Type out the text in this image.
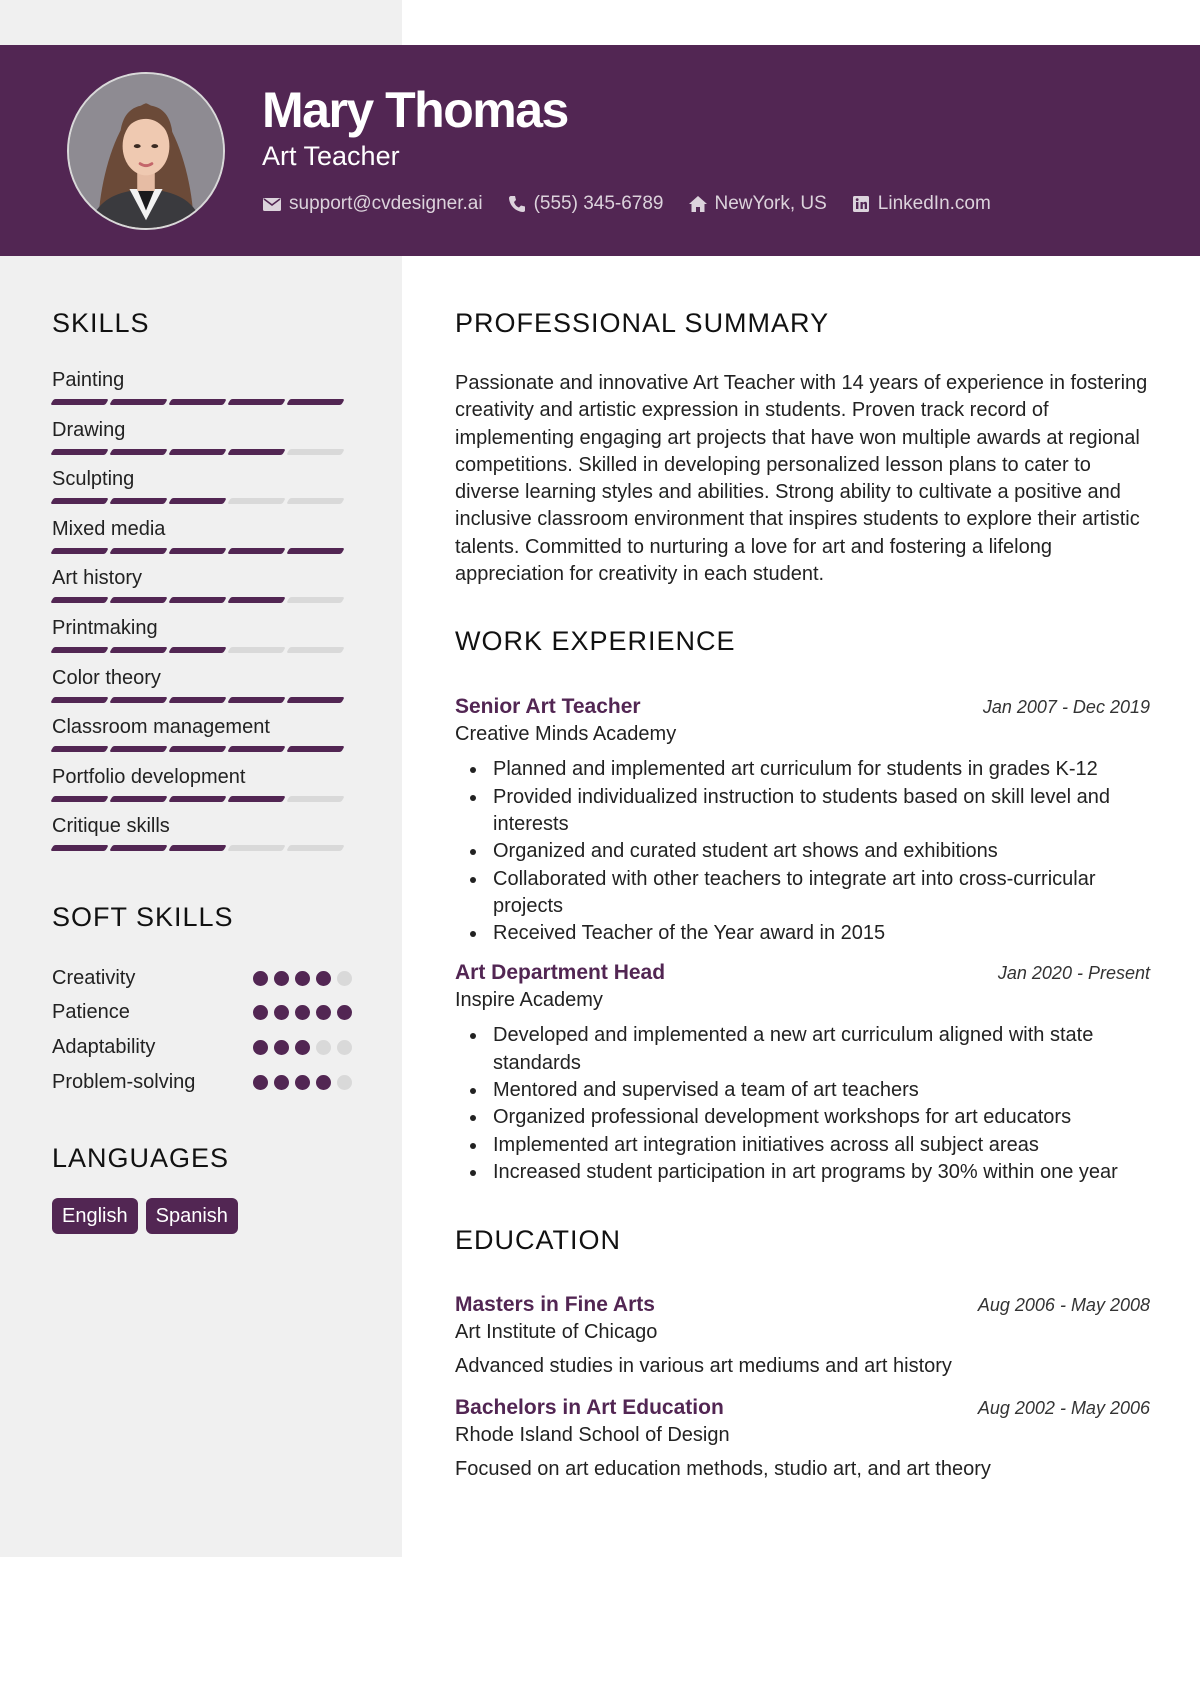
Mary Thomas
Art Teacher
support@cvdesigner.ai	(555) 345-6789	NewYork, US	LinkedIn.com
SKILLS
Painting
Drawing
Sculpting
Mixed media
Art history
Printmaking
Color theory
Classroom management
Portfolio development
Critique skills
SOFT SKILLS
Creativity
Patience
Adaptability
Problem-solving
LANGUAGES
English	Spanish
PROFESSIONAL SUMMARY
Passionate and innovative Art Teacher with 14 years of experience in fostering creativity and artistic expression in students. Proven track record of implementing engaging art projects that have won multiple awards at regional competitions. Skilled in developing personalized lesson plans to cater to diverse learning styles and abilities. Strong ability to cultivate a positive and inclusive classroom environment that inspires students to explore their artistic talents. Committed to nurturing a love for art and fostering a lifelong appreciation for creativity in each student.
WORK EXPERIENCE
Senior Art Teacher	Jan 2007 - Dec 2019
Creative Minds Academy
Planned and implemented art curriculum for students in grades K-12
Provided individualized instruction to students based on skill level and interests
Organized and curated student art shows and exhibitions
Collaborated with other teachers to integrate art into cross-curricular projects
Received Teacher of the Year award in 2015
Art Department Head	Jan 2020 - Present
Inspire Academy
Developed and implemented a new art curriculum aligned with state standards
Mentored and supervised a team of art teachers
Organized professional development workshops for art educators
Implemented art integration initiatives across all subject areas
Increased student participation in art programs by 30% within one year
EDUCATION
Masters in Fine Arts	Aug 2006 - May 2008
Art Institute of Chicago
Advanced studies in various art mediums and art history
Bachelors in Art Education	Aug 2002 - May 2006
Rhode Island School of Design
Focused on art education methods, studio art, and art theory
